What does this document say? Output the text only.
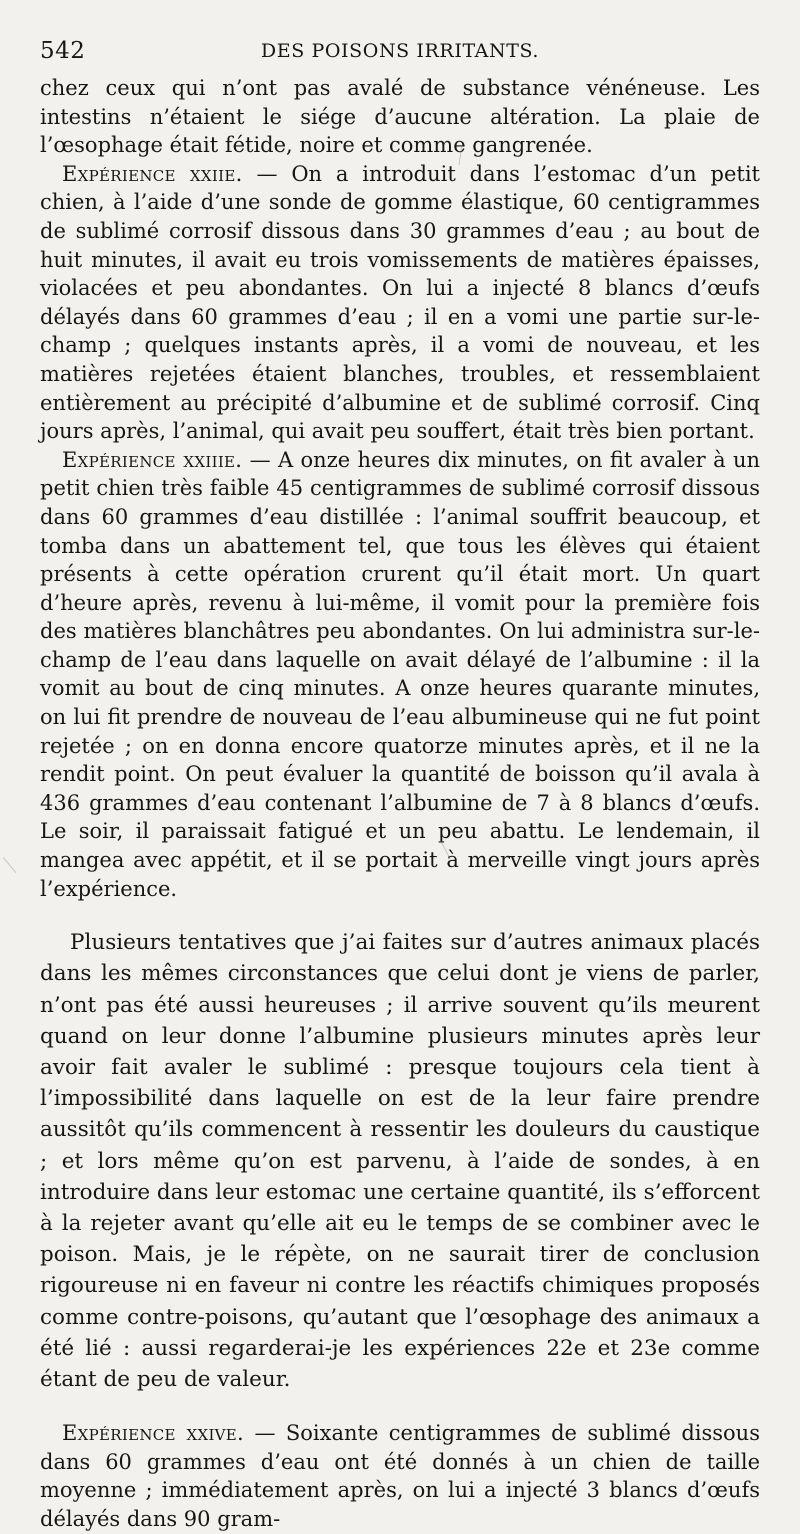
542	DES POISONS IRRITANTS.

chez ceux qui n’ont pas avalé de substance vénéneuse. Les intestins n’étaient le siége d’aucune altération. La plaie de l’œsophage était fétide, noire et comme gangrenée.

Expérience xxiie. — On a introduit dans l’estomac d’un petit chien, à l’aide d’une sonde de gomme élastique, 60 centigrammes de sublimé corrosif dissous dans 30 grammes d’eau ; au bout de huit minutes, il avait eu trois vomissements de matières épaisses, violacées et peu abondantes. On lui a injecté 8 blancs d’œufs délayés dans 60 grammes d’eau ; il en a vomi une partie sur-le-champ ; quelques instants après, il a vomi de nouveau, et les matières rejetées étaient blanches, troubles, et ressemblaient entièrement au précipité d’albumine et de sublimé corrosif. Cinq jours après, l’animal, qui avait peu souffert, était très bien portant.

Expérience xxiiie. — A onze heures dix minutes, on fit avaler à un petit chien très faible 45 centigrammes de sublimé corrosif dissous dans 60 grammes d’eau distillée : l’animal souffrit beaucoup, et tomba dans un abattement tel, que tous les élèves qui étaient présents à cette opération crurent qu’il était mort. Un quart d’heure après, revenu à lui-même, il vomit pour la première fois des matières blanchâtres peu abondantes. On lui administra sur-le-champ de l’eau dans laquelle on avait délayé de l’albumine : il la vomit au bout de cinq minutes. A onze heures quarante minutes, on lui fit prendre de nouveau de l’eau albumineuse qui ne fut point rejetée ; on en donna encore quatorze minutes après, et il ne la rendit point. On peut évaluer la quantité de boisson qu’il avala à 436 grammes d’eau contenant l’albumine de 7 à 8 blancs d’œufs. Le soir, il paraissait fatigué et un peu abattu. Le lendemain, il mangea avec appétit, et il se portait à merveille vingt jours après l’expérience.

Plusieurs tentatives que j’ai faites sur d’autres animaux placés dans les mêmes circonstances que celui dont je viens de parler, n’ont pas été aussi heureuses ; il arrive souvent qu’ils meurent quand on leur donne l’albumine plusieurs minutes après leur avoir fait avaler le sublimé : presque toujours cela tient à l’impossibilité dans laquelle on est de la leur faire prendre aussitôt qu’ils commencent à ressentir les douleurs du caustique ; et lors même qu’on est parvenu, à l’aide de sondes, à en introduire dans leur estomac une certaine quantité, ils s’efforcent à la rejeter avant qu’elle ait eu le temps de se combiner avec le poison. Mais, je le répète, on ne saurait tirer de conclusion rigoureuse ni en faveur ni contre les réactifs chimiques proposés comme contre-poisons, qu’autant que l’œsophage des animaux a été lié : aussi regarderai-je les expériences 22e et 23e comme étant de peu de valeur.

Expérience xxive. — Soixante centigrammes de sublimé dissous dans 60 grammes d’eau ont été donnés à un chien de taille moyenne ; immédiatement après, on lui a injecté 3 blancs d’œufs délayés dans 90 gram-
